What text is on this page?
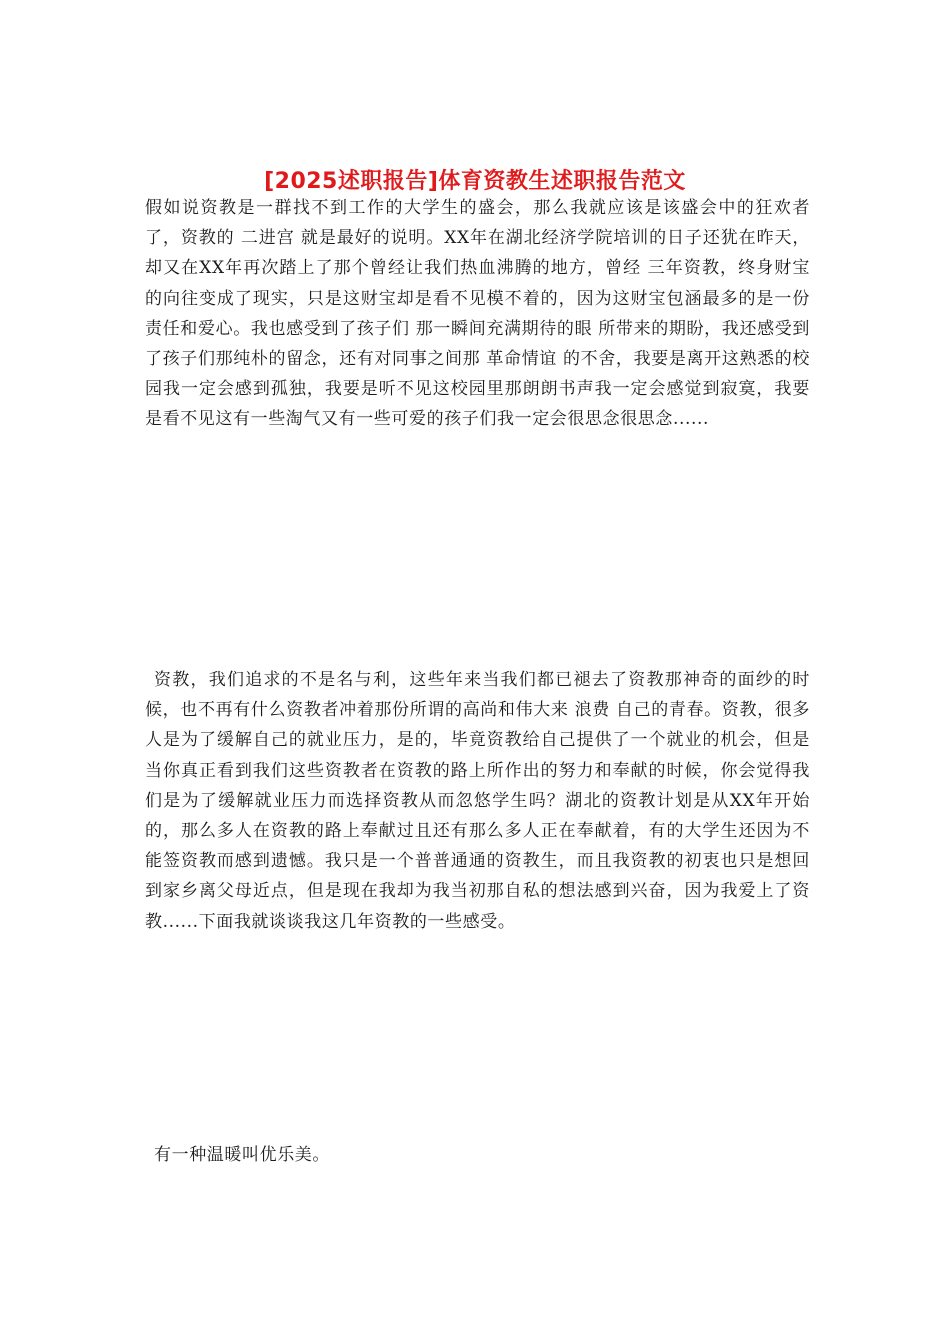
[2025述职报告]体育资教生述职报告范文

假如说资教是一群找不到工作的大学生的盛会，那么我就应该是该盛会中的狂欢者了，资教的 二进宫 就是最好的说明。XX年在湖北经济学院培训的日子还犹在昨天，却又在XX年再次踏上了那个曾经让我们热血沸腾的地方，曾经 三年资教，终身财宝 的向往变成了现实，只是这财宝却是看不见模不着的，因为这财宝包涵最多的是一份责任和爱心。我也感受到了孩子们 那一瞬间充满期待的眼 所带来的期盼，我还感受到了孩子们那纯朴的留念，还有对同事之间那 革命情谊 的不舍，我要是离开这熟悉的校园我一定会感到孤独，我要是听不见这校园里那朗朗书声我一定会感觉到寂寞，我要是看不见这有一些淘气又有一些可爱的孩子们我一定会很思念很思念......

资教，我们追求的不是名与利，这些年来当我们都已褪去了资教那神奇的面纱的时候，也不再有什么资教者冲着那份所谓的高尚和伟大来 浪费 自己的青春。资教，很多人是为了缓解自己的就业压力，是的，毕竟资教给自己提供了一个就业的机会，但是当你真正看到我们这些资教者在资教的路上所作出的努力和奉献的时候，你会觉得我们是为了缓解就业压力而选择资教从而忽悠学生吗？湖北的资教计划是从XX年开始的，那么多人在资教的路上奉献过且还有那么多人正在奉献着，有的大学生还因为不能签资教而感到遗憾。我只是一个普普通通的资教生，而且我资教的初衷也只是想回到家乡离父母近点，但是现在我却为我当初那自私的想法感到兴奋，因为我爱上了资教......下面我就谈谈我这几年资教的一些感受。

有一种温暖叫优乐美。
